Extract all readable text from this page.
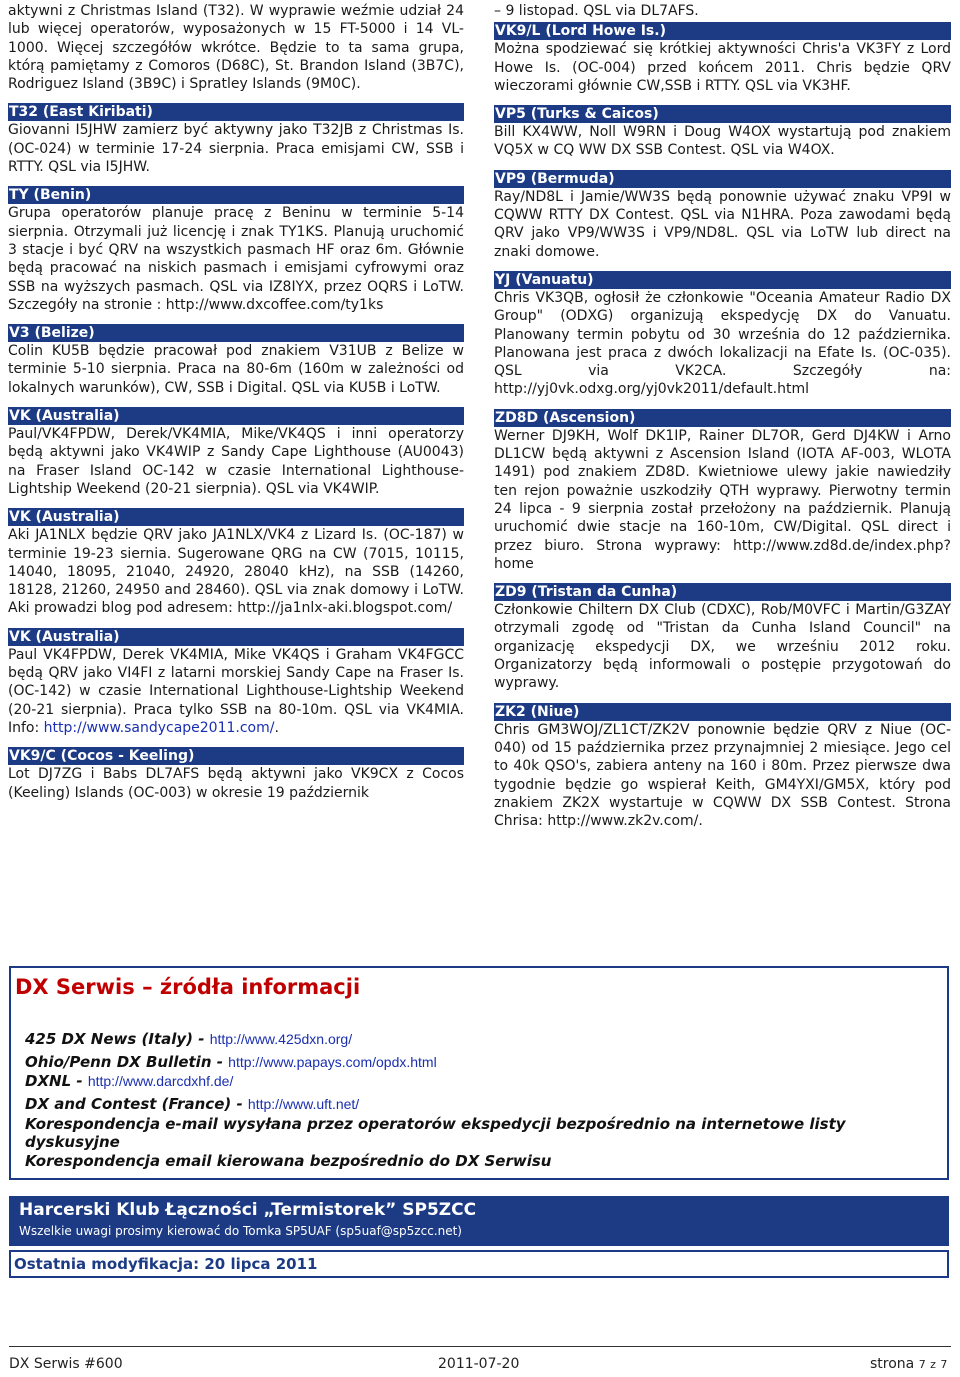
aktywni z Christmas Island (T32). W wyprawie weźmie udział 24 lub więcej operatorów, wyposażonych w 15 FT-5000 i 14 VL-1000. Więcej szczegółów wkrótce. Będzie to ta sama grupa, którą pamiętamy z Comoros (D68C), St. Brandon Island (3B7C), Rodriguez Island (3B9C) i Spratley Islands (9M0C).

T32 (East Kiribati)

Giovanni I5JHW zamierz być aktywny jako T32JB z Christmas Is. (OC-024) w terminie 17-24 sierpnia. Praca emisjami CW, SSB i RTTY. QSL via I5JHW.

TY (Benin)

Grupa operatorów planuje pracę z Beninu w terminie 5-14 sierpnia. Otrzymali już licencję i znak TY1KS. Planują uruchomić 3 stacje i być QRV na wszystkich pasmach HF oraz 6m. Głównie będą pracować na niskich pasmach i emisjami cyfrowymi oraz SSB na wyższych pasmach. QSL via IZ8IYX, przez OQRS i LoTW. Szczegóły na stronie : http://www.dxcoffee.com/ty1ks

V3 (Belize)

Colin KU5B będzie pracował pod znakiem V31UB z Belize w terminie 5-10 sierpnia. Praca na 80-6m (160m w zależności od lokalnych warunków), CW, SSB i Digital. QSL via KU5B i LoTW.

VK (Australia)

Paul/VK4FPDW, Derek/VK4MIA, Mike/VK4QS i inni operatorzy będą aktywni jako VK4WIP z Sandy Cape Lighthouse (AU0043) na Fraser Island OC-142 w czasie International Lighthouse-Lightship Weekend (20-21 sierpnia). QSL via VK4WIP.

VK (Australia)

Aki JA1NLX będzie QRV jako JA1NLX/VK4 z Lizard Is. (OC-187) w terminie 19-23 siernia. Sugerowane QRG na CW (7015, 10115, 14040, 18095, 21040, 24920, 28040 kHz), na SSB (14260, 18128, 21260, 24950 and 28460). QSL via znak domowy i LoTW. Aki prowadzi blog pod adresem: http://ja1nlx-aki.blogspot.com/

VK (Australia)

Paul VK4FPDW, Derek VK4MIA, Mike VK4QS i Graham VK4FGCC będą QRV jako VI4FI z latarni morskiej Sandy Cape na Fraser Is. (OC-142) w czasie International Lighthouse-Lightship Weekend (20-21 sierpnia). Praca tylko SSB na 80-10m. QSL via VK4MIA. Info: http://www.sandycape2011.com/.

VK9/C (Cocos - Keeling)

Lot DJ7ZG i Babs DL7AFS będą aktywni jako VK9CX z Cocos (Keeling) Islands (OC-003) w okresie 19 październik

– 9 listopad. QSL via DL7AFS.

VK9/L (Lord Howe Is.)

Można spodziewać się krótkiej aktywności Chris'a VK3FY z Lord Howe Is. (OC-004) przed końcem 2011. Chris będzie QRV wieczorami głównie CW,SSB i RTTY. QSL via VK3HF.

VP5 (Turks & Caicos)

Bill KX4WW, Noll W9RN i Doug W4OX wystartują pod znakiem VQ5X w CQ WW DX SSB Contest. QSL via W4OX.

VP9 (Bermuda)

Ray/ND8L i Jamie/WW3S będą ponownie używać znaku VP9I w CQWW RTTY DX Contest. QSL via N1HRA. Poza zawodami będą QRV jako VP9/WW3S i VP9/ND8L. QSL via LoTW lub direct na znaki domowe.

YJ (Vanuatu)

Chris VK3QB, ogłosił że członkowie "Oceania Amateur Radio DX Group" (ODXG) organizują ekspedycję DX do Vanuatu. Planowany termin pobytu od 30 września do 12 października. Planowana jest praca z dwóch lokalizacji na Efate Is. (OC-035). QSL via VK2CA. Szczegóły na: http://yj0vk.odxg.org/yj0vk2011/default.html

ZD8D (Ascension)

Werner DJ9KH, Wolf DK1IP, Rainer DL7OR, Gerd DJ4KW i Arno DL1CW będą aktywni z Ascension Island (IOTA AF-003, WLOTA 1491) pod znakiem ZD8D. Kwietniowe ulewy jakie nawiedziły ten rejon poważnie uszkodziły QTH wyprawy. Pierwotny termin 24 lipca - 9 sierpnia został przełożony na październik. Planują uruchomić dwie stacje na 160-10m, CW/Digital. QSL direct i przez biuro. Strona wyprawy: http://www.zd8d.de/index.php?home

ZD9 (Tristan da Cunha)

Członkowie Chiltern DX Club (CDXC), Rob/M0VFC i Martin/G3ZAY otrzymali zgodę od "Tristan da Cunha Island Council" na organizację ekspedycji DX, we wrześniu 2012 roku. Organizatorzy będą informowali o postępie przygotowań do wyprawy.

ZK2 (Niue)

Chris GM3WOJ/ZL1CT/ZK2V ponownie będzie QRV z Niue (OC-040) od 15 października przez przynajmniej 2 miesiące. Jego cel to 40k QSO's, zabiera anteny na 160 i 80m. Przez pierwsze dwa tygodnie będzie go wspierał Keith, GM4YXI/GM5X, który pod znakiem ZK2X wystartuje w CQWW DX SSB Contest. Strona Chrisa: http://www.zk2v.com/.

DX Serwis – źródła informacji
425 DX News (Italy) - http://www.425dxn.org/
Ohio/Penn DX Bulletin - http://www.papays.com/opdx.html
DXNL - http://www.darcdxhf.de/
DX and Contest (France) - http://www.uft.net/
Korespondencja e-mail wysyłana przez operatorów ekspedycji bezpośrednio na internetowe listy dyskusyjne
Korespondencja email kierowana bezpośrednio do DX Serwisu
Harcerski Klub Łączności „Termistorek” SP5ZCC
Wszelkie uwagi prosimy kierować do Tomka SP5UAF (sp5uaf@sp5zcc.net)
Ostatnia modyfikacja: 20 lipca 2011
DX Serwis #600	2011-07-20	strona 7 z 7
